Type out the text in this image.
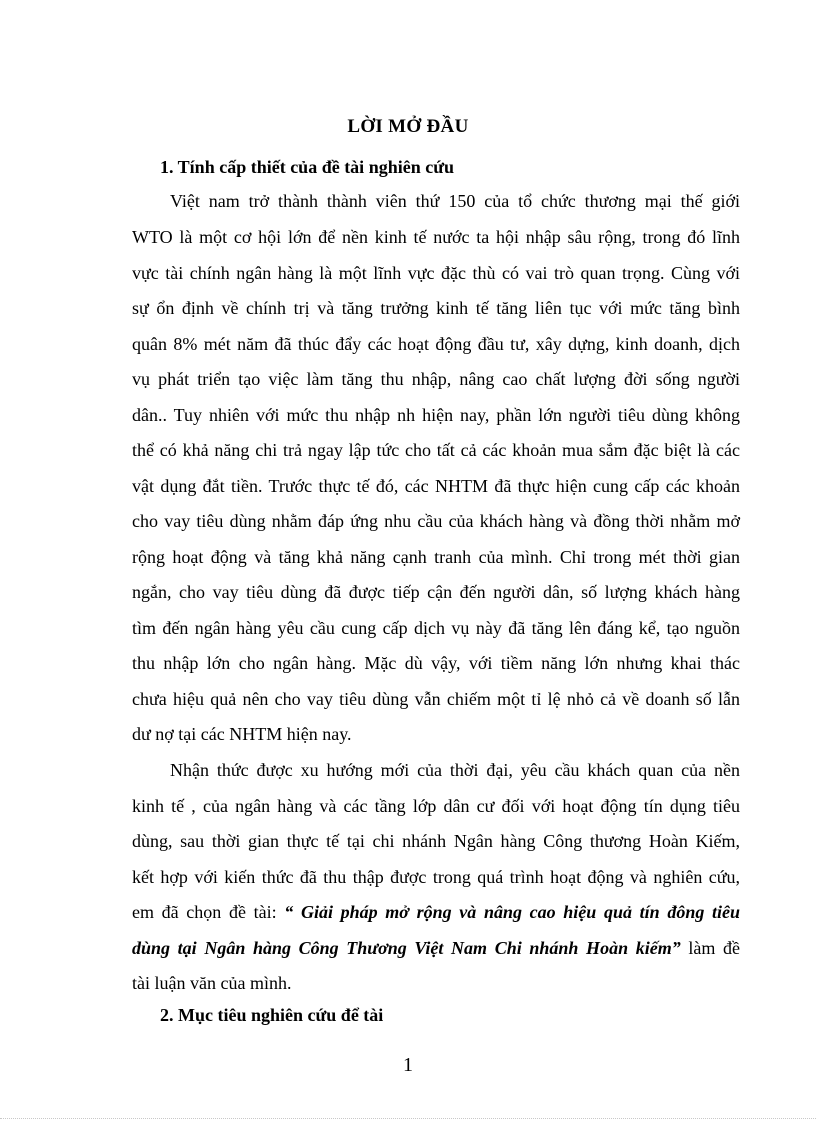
LỜI MỞ ĐẦU
1. Tính cấp thiết của đề tài nghiên cứu
Việt nam trở thành thành viên thứ 150 của tổ chức thương mại thế giới
WTO là một cơ hội lớn để nền kinh tế nước ta hội nhập sâu rộng, trong đó lĩnh
vực tài chính ngân hàng là một lĩnh vực đặc thù có vai trò quan trọng. Cùng với
sự ổn định về chính trị và tăng trưởng kinh tế tăng liên tục với mức tăng bình
quân 8% mét năm đã thúc đẩy các hoạt động đầu tư, xây dựng, kinh doanh, dịch
vụ phát triển tạo việc làm tăng thu nhập, nâng cao chất lượng đời sống người
dân.. Tuy nhiên với mức thu nhập nh hiện nay, phần lớn người tiêu dùng không
thể có khả năng chi trả ngay lập tức cho tất cả các khoản mua sắm đặc biệt là các
vật dụng đắt tiền. Trước thực tế đó, các NHTM đã thực hiện cung cấp các khoản
cho vay tiêu dùng nhằm đáp ứng nhu cầu của khách hàng và đồng thời nhằm mở
rộng hoạt động và tăng khả năng cạnh tranh của mình. Chỉ trong mét thời gian
ngắn, cho vay tiêu dùng đã được tiếp cận đến người dân, số lượng khách hàng
tìm đến ngân hàng yêu cầu cung cấp dịch vụ này đã tăng lên đáng kể, tạo nguồn
thu nhập lớn cho ngân hàng. Mặc dù vậy, với tiềm năng lớn nhưng khai thác
chưa hiệu quả nên cho vay tiêu dùng vẫn chiếm một tỉ lệ nhỏ cả về doanh số lẫn
dư nợ tại các NHTM hiện nay.
Nhận thức được xu hướng mới của thời đại, yêu cầu khách quan của nền
kinh tế , của ngân hàng và các tầng lớp dân cư đối với hoạt động tín dụng tiêu
dùng, sau thời gian thực tế tại chi nhánh Ngân hàng Công thương Hoàn Kiếm,
kết hợp với kiến thức đã thu thập được trong quá trình hoạt động và nghiên cứu,
em đã chọn đề tài: “ Giải pháp mở rộng và nâng cao hiệu quả tín đông tiêu
dùng tại Ngân hàng Công Thương Việt Nam Chi nhánh Hoàn kiếm” làm đề
tài luận văn của mình.
2. Mục tiêu nghiên cứu để tài
1
